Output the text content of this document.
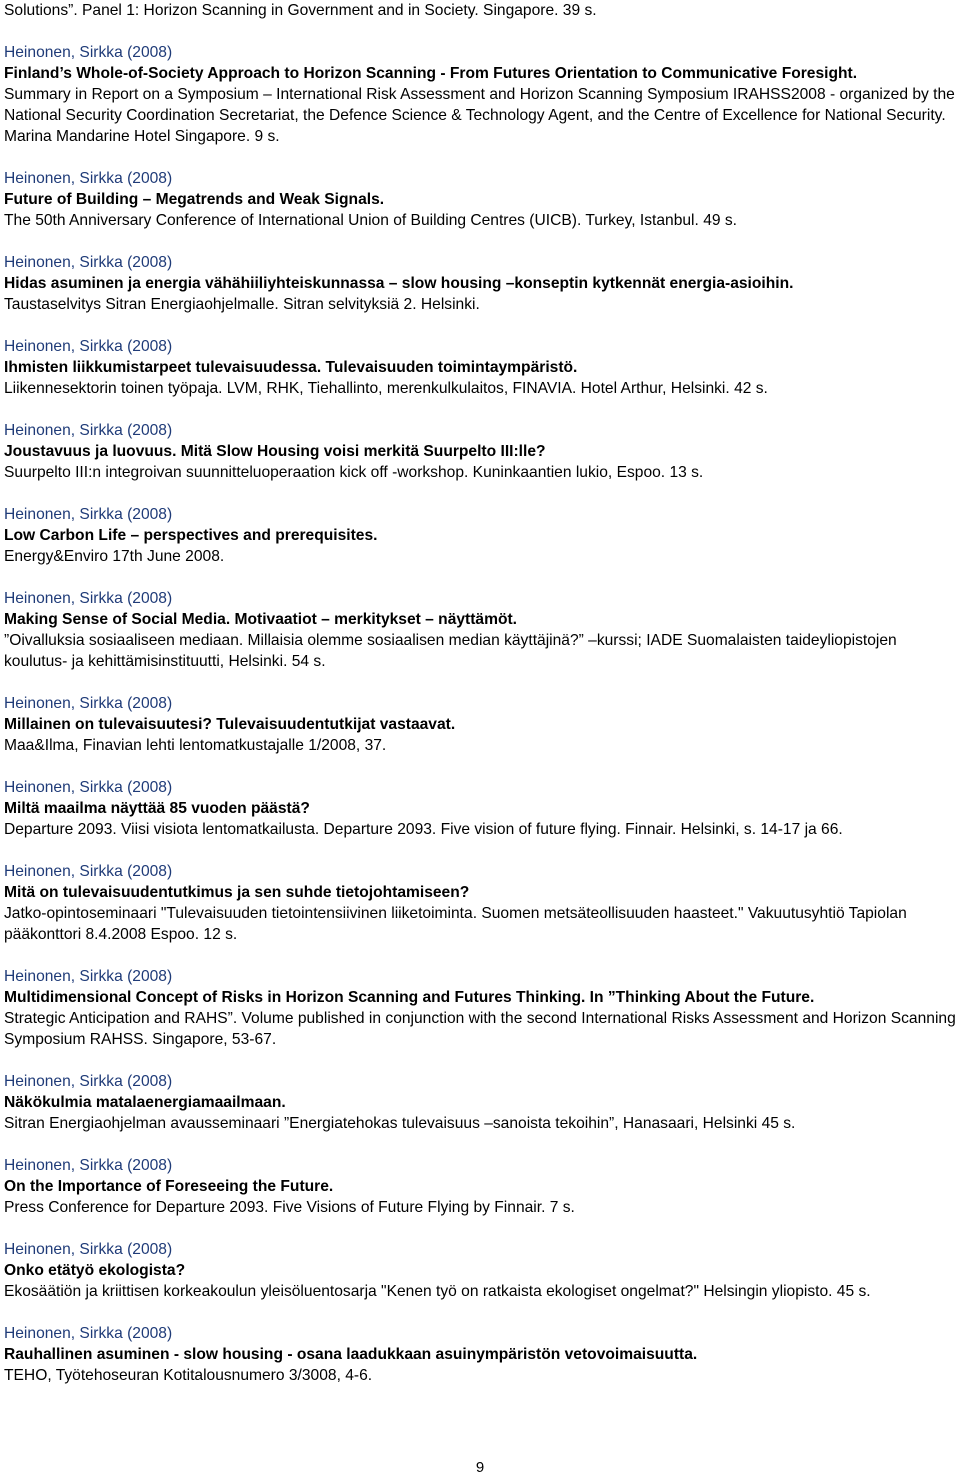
Solutions”. Panel 1: Horizon Scanning in Government and in Society. Singapore. 39 s.
Heinonen, Sirkka (2008)
Finland’s Whole-of-Society Approach to Horizon Scanning - From Futures Orientation to Communicative Foresight.
Summary in Report on a Symposium – International Risk Assessment and Horizon Scanning Symposium IRAHSS2008 - organized by the National Security Coordination Secretariat, the Defence Science & Technology Agent, and the Centre of Excellence for National Security. Marina Mandarine Hotel Singapore. 9 s.
Heinonen, Sirkka (2008)
Future of Building – Megatrends and Weak Signals.
The 50th Anniversary Conference of International Union of Building Centres (UICB). Turkey, Istanbul. 49 s.
Heinonen, Sirkka (2008)
Hidas asuminen ja energia vähähiiliyhteiskunnassa – slow housing –konseptin kytkennät energia-asioihin.
Taustaselvitys Sitran Energiaohjelmalle. Sitran selvityksiä 2. Helsinki.
Heinonen, Sirkka (2008)
Ihmisten liikkumistarpeet tulevaisuudessa. Tulevaisuuden toimintaympäristö.
Liikennesektorin toinen työpaja. LVM, RHK, Tiehallinto, merenkulkulaitos, FINAVIA. Hotel Arthur, Helsinki. 42 s.
Heinonen, Sirkka (2008)
Joustavuus ja luovuus. Mitä Slow Housing voisi merkitä Suurpelto III:lle?
Suurpelto III:n integroivan suunnitteluoperaation kick off -workshop. Kuninkaantien lukio, Espoo. 13 s.
Heinonen, Sirkka (2008)
Low Carbon Life – perspectives and prerequisites.
Energy&Enviro 17th June 2008.
Heinonen, Sirkka (2008)
Making Sense of Social Media. Motivaatiot – merkitykset – näyttämöt.
”Oivalluksia sosiaaliseen mediaan. Millaisia olemme sosiaalisen median käyttäjinä?” –kurssi; IADE Suomalaisten taideyliopistojen koulutus- ja kehittämisinstituutti, Helsinki. 54 s.
Heinonen, Sirkka (2008)
Millainen on tulevaisuutesi? Tulevaisuudentutkijat vastaavat.
Maa&Ilma, Finavian lehti lentomatkustajalle 1/2008, 37.
Heinonen, Sirkka (2008)
Miltä maailma näyttää 85 vuoden päästä?
Departure 2093. Viisi visiota lentomatkailusta. Departure 2093. Five vision of future flying. Finnair. Helsinki, s. 14-17 ja 66.
Heinonen, Sirkka (2008)
Mitä on tulevaisuudentutkimus ja sen suhde tietojohtamiseen?
Jatko-opintoseminaari "Tulevaisuuden tietointensiivinen liiketoiminta. Suomen metsäteollisuuden haasteet." Vakuutusyhtiö Tapiolan pääkonttori 8.4.2008 Espoo. 12 s.
Heinonen, Sirkka (2008)
Multidimensional Concept of Risks in Horizon Scanning and Futures Thinking. In ”Thinking About the Future.
Strategic Anticipation and RAHS”. Volume published in conjunction with the second International Risks Assessment and Horizon Scanning Symposium RAHSS. Singapore, 53-67.
Heinonen, Sirkka (2008)
Näkökulmia matalaenergiamaailmaan.
Sitran Energiaohjelman avausseminaari ”Energiatehokas tulevaisuus –sanoista tekoihin”, Hanasaari, Helsinki 45 s.
Heinonen, Sirkka (2008)
On the Importance of Foreseeing the Future.
Press Conference for Departure 2093. Five Visions of Future Flying by Finnair. 7 s.
Heinonen, Sirkka (2008)
Onko etätyö ekologista?
Ekosäätiön ja kriittisen korkeakoulun yleisöluentosarja "Kenen työ on ratkaista ekologiset ongelmat?" Helsingin yliopisto. 45 s.
Heinonen, Sirkka (2008)
Rauhallinen asuminen - slow housing - osana laadukkaan asuinympäristön vetovoimaisuutta.
TEHO, Työtehoseuran Kotitalousnumero 3/3008, 4-6.
9
